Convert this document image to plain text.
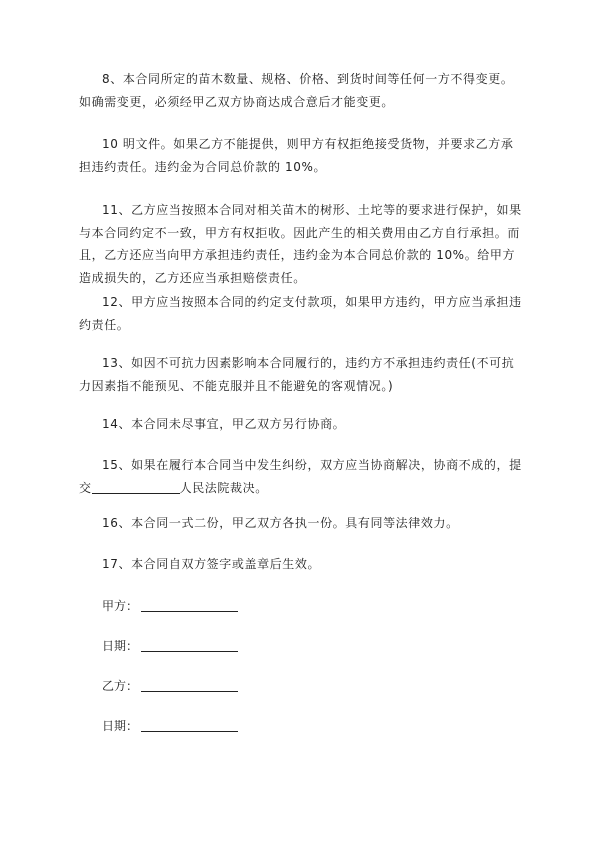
8、本合同所定的苗木数量、规格、价格、到货时间等任何一方不得变更。如确需变更，必须经甲乙双方协商达成合意后才能变更。

10 明文件。如果乙方不能提供，则甲方有权拒绝接受货物，并要求乙方承担违约责任。违约金为合同总价款的 10%。

11、乙方应当按照本合同对相关苗木的树形、土坨等的要求进行保护，如果与本合同约定不一致，甲方有权拒收。因此产生的相关费用由乙方自行承担。而且，乙方还应当向甲方承担违约责任，违约金为本合同总价款的 10%。给甲方造成损失的，乙方还应当承担赔偿责任。

12、甲方应当按照本合同的约定支付款项，如果甲方违约，甲方应当承担违约责任。

13、如因不可抗力因素影响本合同履行的，违约方不承担违约责任(不可抗力因素指不能预见、不能克服并且不能避免的客观情况。)

14、本合同未尽事宜，甲乙双方另行协商。

15、如果在履行本合同当中发生纠纷，双方应当协商解决，协商不成的，提交	人民法院裁决。

16、本合同一式二份，甲乙双方各执一份。具有同等法律效力。

17、本合同自双方签字或盖章后生效。

甲方：

日期：

乙方：

日期：
